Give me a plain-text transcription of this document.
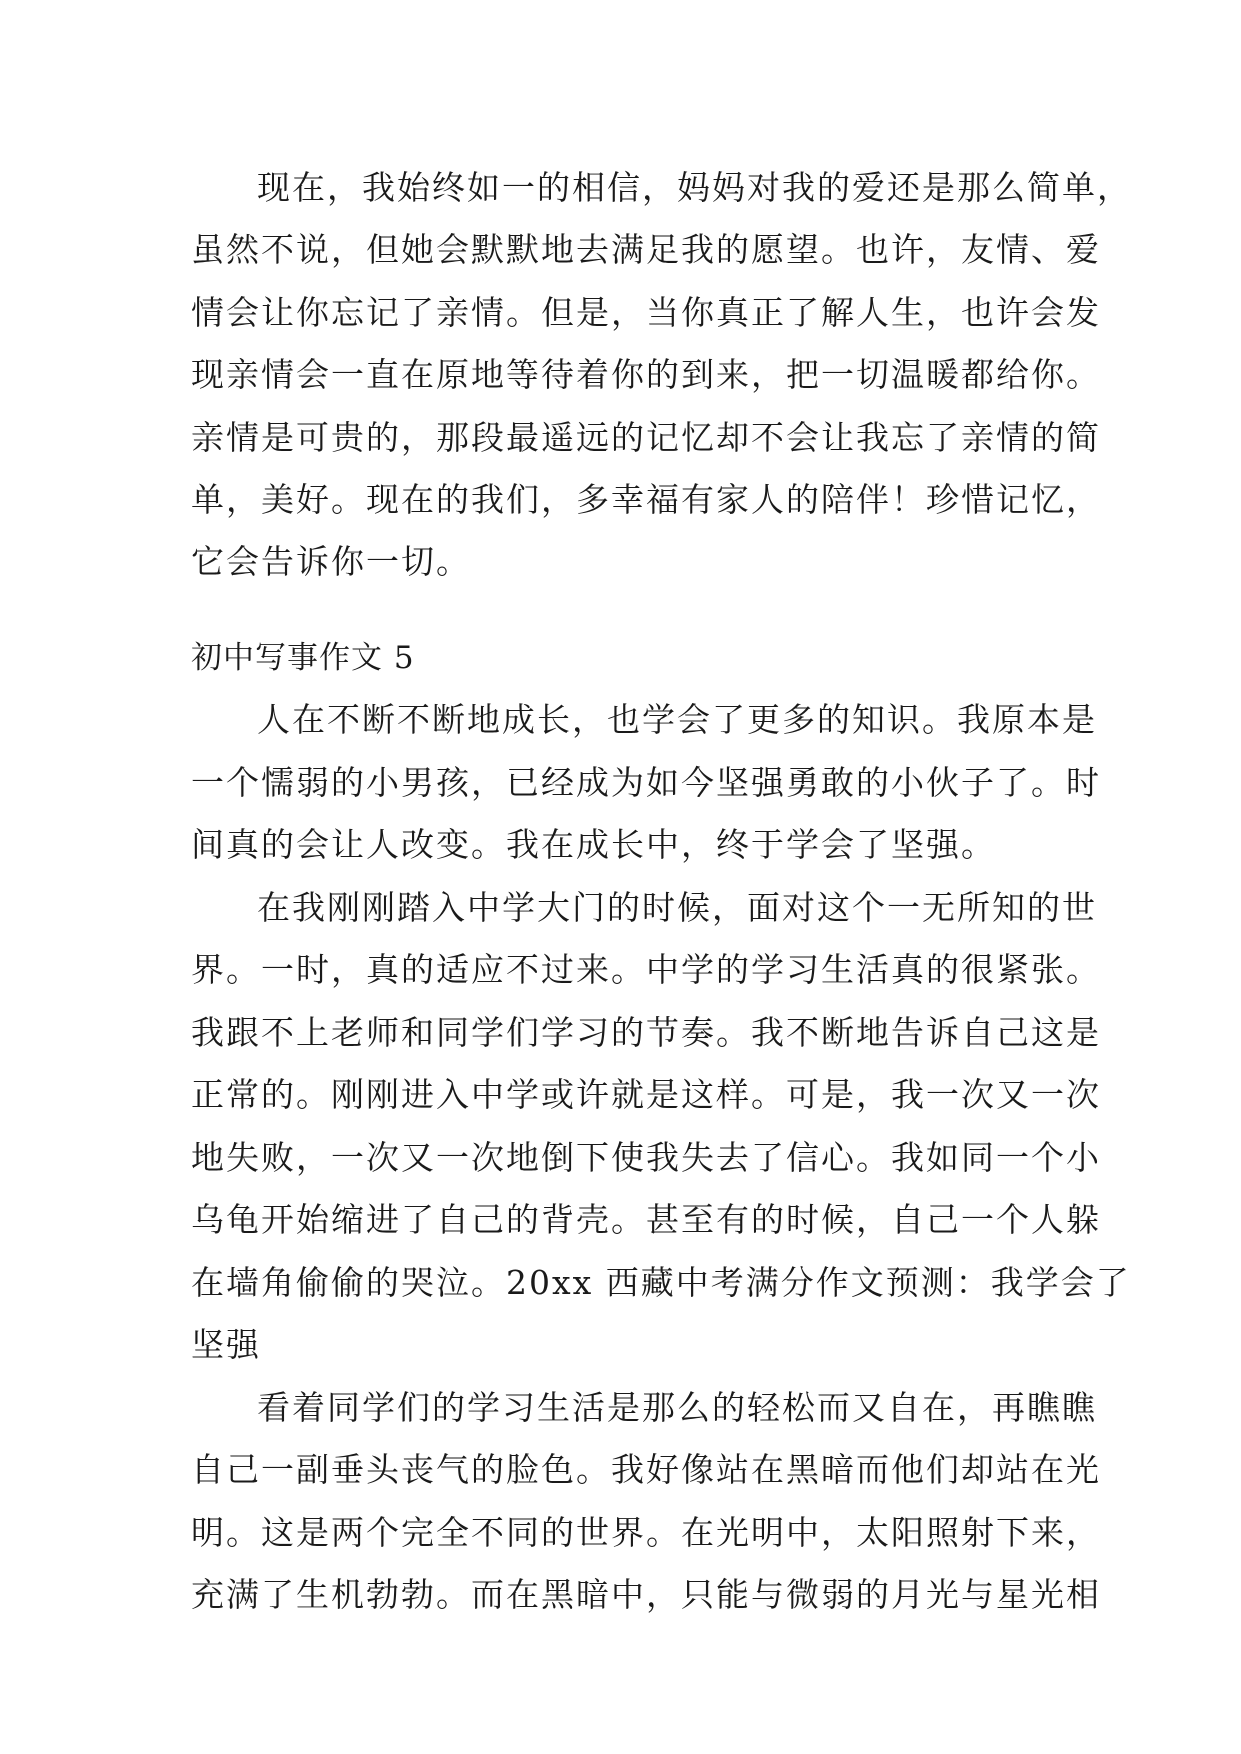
现在，我始终如一的相信，妈妈对我的爱还是那么简单，
虽然不说，但她会默默地去满足我的愿望。也许，友情、爱
情会让你忘记了亲情。但是，当你真正了解人生，也许会发
现亲情会一直在原地等待着你的到来，把一切温暖都给你。
亲情是可贵的，那段最遥远的记忆却不会让我忘了亲情的简
单，美好。现在的我们，多幸福有家人的陪伴！珍惜记忆，
它会告诉你一切。
初中写事作文 5
人在不断不断地成长，也学会了更多的知识。我原本是
一个懦弱的小男孩，已经成为如今坚强勇敢的小伙子了。时
间真的会让人改变。我在成长中，终于学会了坚强。
在我刚刚踏入中学大门的时候，面对这个一无所知的世
界。一时，真的适应不过来。中学的学习生活真的很紧张。
我跟不上老师和同学们学习的节奏。我不断地告诉自己这是
正常的。刚刚进入中学或许就是这样。可是，我一次又一次
地失败，一次又一次地倒下使我失去了信心。我如同一个小
乌龟开始缩进了自己的背壳。甚至有的时候，自己一个人躲
在墙角偷偷的哭泣。20xx 西藏中考满分作文预测：我学会了
坚强
看着同学们的学习生活是那么的轻松而又自在，再瞧瞧
自己一副垂头丧气的脸色。我好像站在黑暗而他们却站在光
明。这是两个完全不同的世界。在光明中，太阳照射下来，
充满了生机勃勃。而在黑暗中，只能与微弱的月光与星光相
